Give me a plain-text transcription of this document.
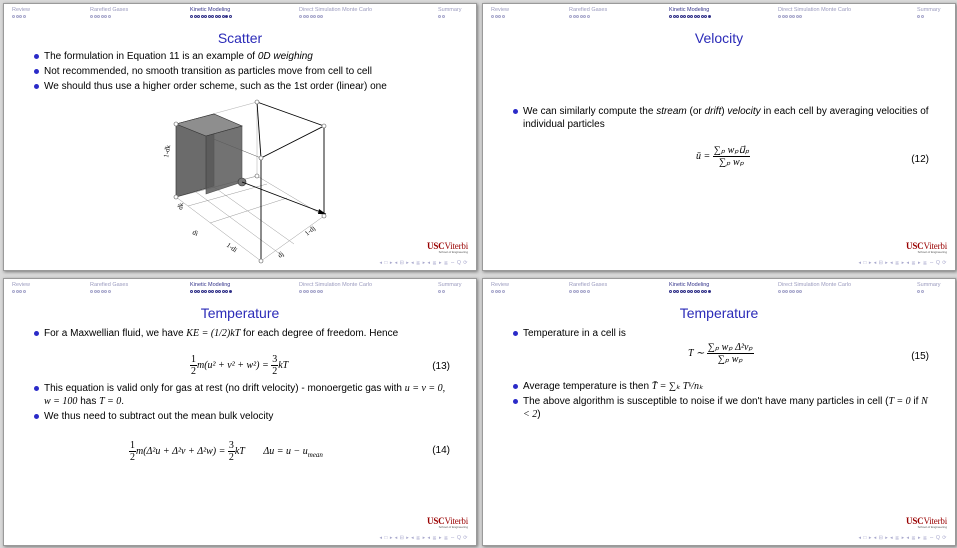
Review	Rarefied Gases	Kinetic Modeling	Direct Simulation Monte Carlo	Summary
Scatter
The formulation in Equation 11 is an example of 0D weighing
Not recommended, no smooth transition as particles move from cell to cell
We should thus use a higher order scheme, such as the 1st order (linear) one
1-dk
dk
di
1-di
dj
1-dj
USCViterbi
School of Engineering
◂ □ ▸ ◂ ⊟ ▸ ◂ ≧ ▸ ◂ ≧ ▸ ≧ ∽ Q ⟳
Review	Rarefied Gases	Kinetic Modeling	Direct Simulation Monte Carlo	Summary
Velocity
We can similarly compute the stream (or drift) velocity in each cell by averaging velocities of individual particles
ū = $\frac{\text{∑ₚ wₚu⃗ₚ}}{\text{∑ₚ wₚ}}$	(12)
USCViterbi
School of Engineering
◂ □ ▸ ◂ ⊟ ▸ ◂ ≧ ▸ ◂ ≧ ▸ ≧ ∽ Q ⟳
Review	Rarefied Gases	Kinetic Modeling	Direct Simulation Monte Carlo	Summary
Temperature
For a Maxwellian fluid, we have KE = (1/2)kT for each degree of freedom. Hence
$\frac{1}{2} m(u^2 + v^2 + w^2) = \frac{3}{2}$ kT	(13)
This equation is valid only for gas at rest (no drift velocity) - monoergetic gas with u = v = 0, w = 100 has T = 0.
We thus need to subtract out the mean bulk velocity
$\frac{1}{2} m(\Delta^2u + \Delta^2v + \Delta^2w) = \frac{3}{2}$ kT $\Delta u = u - u_{mean}$	(14)
USCViterbi
School of Engineering
◂ □ ▸ ◂ ⊟ ▸ ◂ ≧ ▸ ◂ ≧ ▸ ≧ ∽ Q ⟳
Review	Rarefied Gases	Kinetic Modeling	Direct Simulation Monte Carlo	Summary
Temperature
Temperature in a cell is
T ∼ $\frac{\text{∑ₚ wₚ Δ²vₚ}}{\text{∑ₚ wₚ}}$	(15)
Average temperature is then T̄ = ∑ₖ Tᵏ/nₖ
The above algorithm is susceptible to noise if we don't have many particles in cell (T = 0 if N < 2)
USCViterbi
School of Engineering
◂ □ ▸ ◂ ⊟ ▸ ◂ ≧ ▸ ◂ ≧ ▸ ≧ ∽ Q ⟳
